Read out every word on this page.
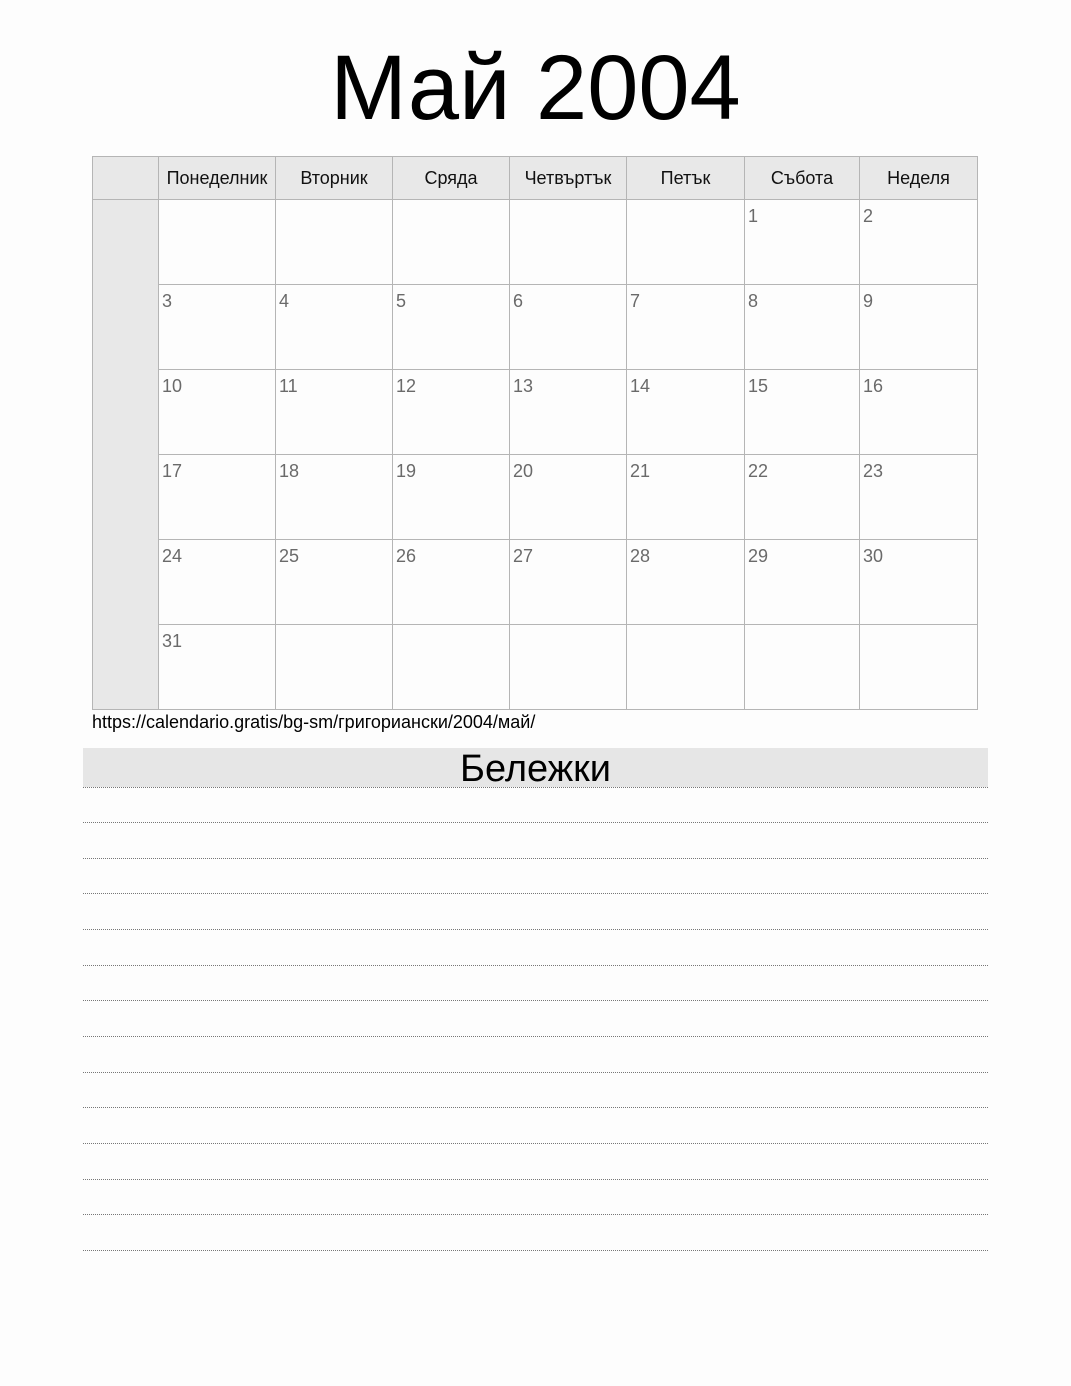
Май 2004
	Понеделник	Вторник	Сряда	Четвъртък	Петък	Събота	Неделя

						1	2

	3	4	5	6	7	8	9

	10	11	12	13	14	15	16

	17	18	19	20	21	22	23

	24	25	26	27	28	29	30

	31						

https://calendario.gratis/bg-sm/григориански/2004/май/
Бележки
